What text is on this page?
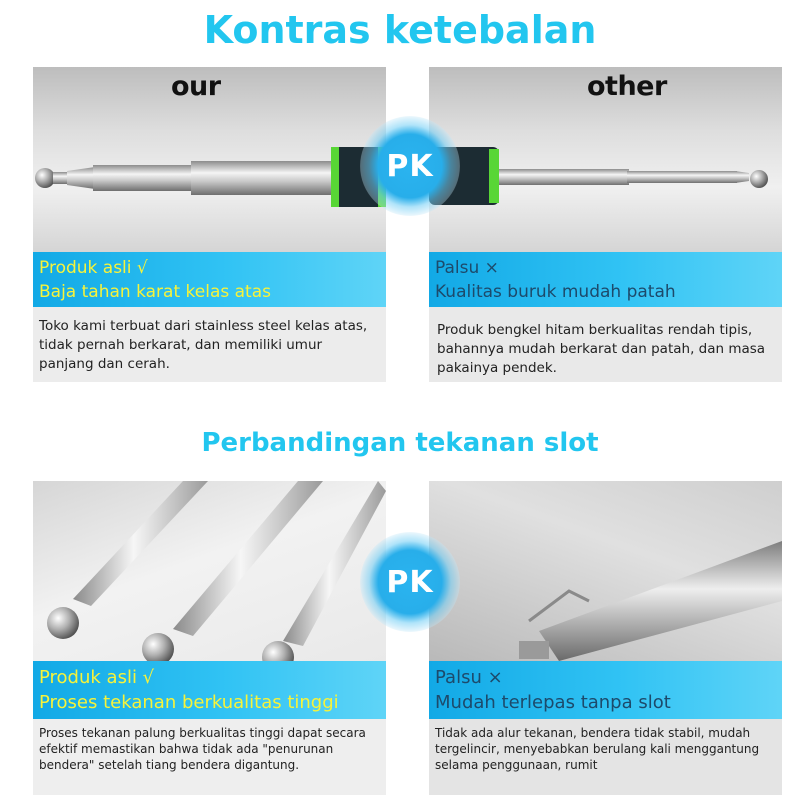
Kontras ketebalan
our
Produk asli √
Baja tahan karat kelas atas

Toko kami terbuat dari stainless steel kelas atas, tidak pernah berkarat, dan memiliki umur panjang dan cerah.

other
Palsu ×
Kualitas buruk mudah patah

Produk bengkel hitam berkualitas rendah tipis, bahannya mudah berkarat dan patah, dan masa pakainya pendek.

PK
Perbandingan tekanan slot
Produk asli √
Proses tekanan berkualitas tinggi

Proses tekanan palung berkualitas tinggi dapat secara efektif memastikan bahwa tidak ada "penurunan bendera" setelah tiang bendera digantung.

Palsu ×
Mudah terlepas tanpa slot

Tidak ada alur tekanan, bendera tidak stabil, mudah tergelincir, menyebabkan berulang kali menggantung selama penggunaan, rumit

PK
